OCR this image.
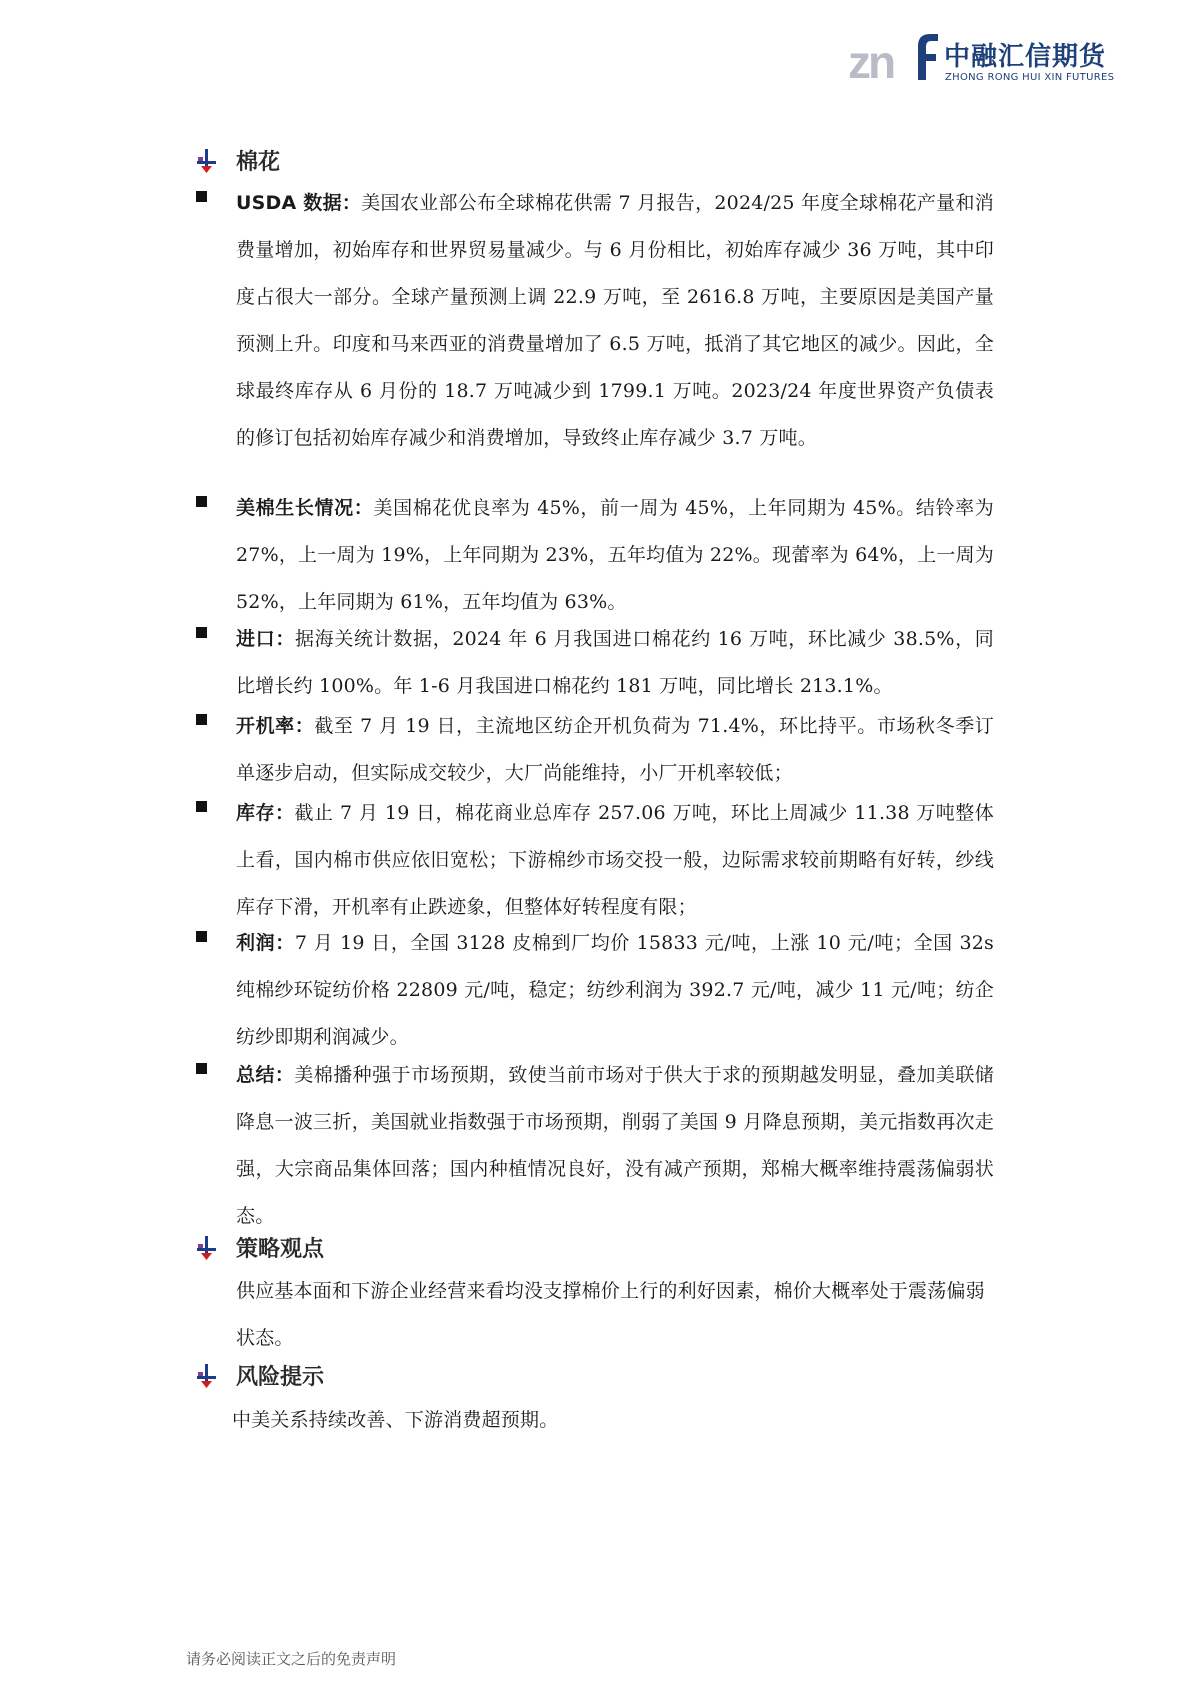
zn 中融汇信期货
ZHONG RONG HUI XIN FUTURES
棉花
USDA 数据：美国农业部公布全球棉花供需 7 月报告，2024/25 年度全球棉花产量和消费量增加，初始库存和世界贸易量减少。与 6 月份相比，初始库存减少 36 万吨，其中印度占很大一部分。全球产量预测上调 22.9 万吨，至 2616.8 万吨，主要原因是美国产量预测上升。印度和马来西亚的消费量增加了 6.5 万吨，抵消了其它地区的减少。因此，全球最终库存从 6 月份的 18.7 万吨减少到 1799.1 万吨。2023/24 年度世界资产负债表的修订包括初始库存减少和消费增加，导致终止库存减少 3.7 万吨。
美棉生长情况：美国棉花优良率为 45%，前一周为 45%，上年同期为 45%。结铃率为 27%，上一周为 19%，上年同期为 23%，五年均值为 22%。现蕾率为 64%，上一周为 52%，上年同期为 61%，五年均值为 63%。
进口：据海关统计数据，2024 年 6 月我国进口棉花约 16 万吨，环比减少 38.5%，同比增长约 100%。年 1-6 月我国进口棉花约 181 万吨，同比增长 213.1%。
开机率：截至 7 月 19 日，主流地区纺企开机负荷为 71.4%，环比持平。市场秋冬季订单逐步启动，但实际成交较少，大厂尚能维持，小厂开机率较低；
库存：截止 7 月 19 日，棉花商业总库存 257.06 万吨，环比上周减少 11.38 万吨整体上看，国内棉市供应依旧宽松；下游棉纱市场交投一般，边际需求较前期略有好转，纱线库存下滑，开机率有止跌迹象，但整体好转程度有限；
利润：7 月 19 日，全国 3128 皮棉到厂均价 15833 元/吨，上涨 10 元/吨；全国 32s 纯棉纱环锭纺价格 22809 元/吨，稳定；纺纱利润为 392.7 元/吨，减少 11 元/吨；纺企纺纱即期利润减少。
总结：美棉播种强于市场预期，致使当前市场对于供大于求的预期越发明显，叠加美联储降息一波三折，美国就业指数强于市场预期，削弱了美国 9 月降息预期，美元指数再次走强，大宗商品集体回落；国内种植情况良好，没有减产预期，郑棉大概率维持震荡偏弱状态。
策略观点
供应基本面和下游企业经营来看均没支撑棉价上行的利好因素，棉价大概率处于震荡偏弱状态。
风险提示
中美关系持续改善、下游消费超预期。
请务必阅读正文之后的免责声明
